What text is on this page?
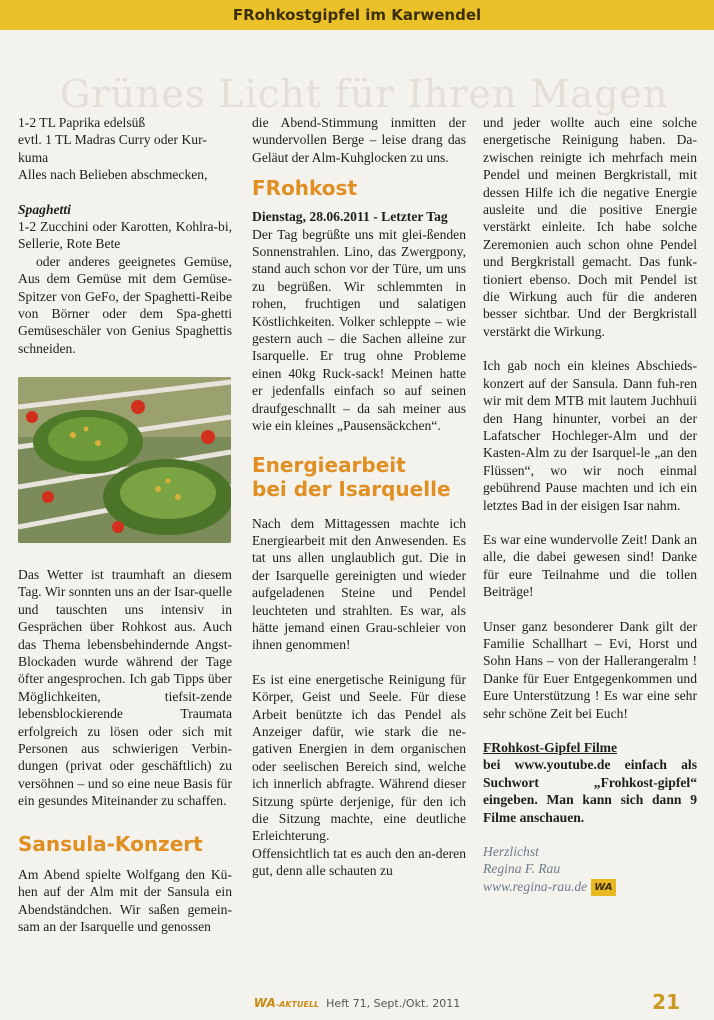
FRohkostgipfel im Karwendel
Grünes Licht für Ihren Magen

1-2 TL Paprika edelsüß

evtl. 1 TL Madras Curry oder Kur-

kuma

Alles nach Belieben abschmecken,

Spaghetti

1-2 Zucchini oder Karotten, Kohlra-bi, Sellerie, Rote Bete

oder anderes geeignetes Gemüse, Aus dem Gemüse mit dem Gemüse-Spitzer von GeFo, der Spaghetti-Reibe von Börner oder dem Spa-ghetti Gemüseschäler von Genius Spaghettis schneiden.

Das Wetter ist traumhaft an diesem Tag. Wir sonnten uns an der Isar-quelle und tauschten uns intensiv in Gesprächen über Rohkost aus. Auch das Thema lebensbehindernde Angst-Blockaden wurde während der Tage öfter angesprochen. Ich gab Tipps über Möglichkeiten, tiefsit-zende lebensblockierende Traumata erfolgreich zu lösen oder sich mit Personen aus schwierigen Verbin-dungen (privat oder geschäftlich) zu versöhnen – und so eine neue Basis für ein gesundes Miteinander zu schaffen.

Sansula-Konzert

Am Abend spielte Wolfgang den Kü-hen auf der Alm mit der Sansula ein Abendständchen. Wir saßen gemein-sam an der Isarquelle und genossen

die Abend-Stimmung inmitten der wundervollen Berge – leise drang das Geläut der Alm-Kuhglocken zu uns.

FRohkost

Dienstag, 28.06.2011 - Letzter Tag

Der Tag begrüßte uns mit glei-ßenden Sonnenstrahlen. Lino, das Zwergpony, stand auch schon vor der Türe, um uns zu begrüßen. Wir schlemmten in rohen, fruchtigen und salatigen Köstlichkeiten. Volker schleppte – wie gestern auch – die Sachen alleine zur Isarquelle. Er trug ohne Probleme einen 40kg Ruck-sack! Meinen hatte er jedenfalls einfach so auf seinen draufgeschnallt – da sah meiner aus wie ein kleines „Pausensäckchen“.

Energiearbeit

bei der Isarquelle

Nach dem Mittagessen machte ich Energiearbeit mit den Anwesenden. Es tat uns allen unglaublich gut. Die in der Isarquelle gereinigten und wieder aufgeladenen Steine und Pendel leuchteten und strahlten. Es war, als hätte jemand einen Grau-schleier von ihnen genommen!

Es ist eine energetische Reinigung für Körper, Geist und Seele. Für diese Arbeit benützte ich das Pendel als Anzeiger dafür, wie stark die ne-gativen Energien in dem organischen oder seelischen Bereich sind, welche ich innerlich abfragte. Während dieser Sitzung spürte derjenige, für den ich die Sitzung machte, eine deutliche Erleichterung.

Offensichtlich tat es auch den an-deren gut, denn alle schauten zu

und jeder wollte auch eine solche energetische Reinigung haben. Da-zwischen reinigte ich mehrfach mein Pendel und meinen Bergkristall, mit dessen Hilfe ich die negative Energie ausleite und die positive Energie verstärkt einleite. Ich habe solche Zeremonien auch schon ohne Pendel und Bergkristall gemacht. Das funk-tioniert ebenso. Doch mit Pendel ist die Wirkung auch für die anderen besser sichtbar. Und der Bergkristall verstärkt die Wirkung.

Ich gab noch ein kleines Abschieds-konzert auf der Sansula. Dann fuh-ren wir mit dem MTB mit lautem Juchhuii den Hang hinunter, vorbei an der Lafatscher Hochleger-Alm und der Kasten-Alm zu der Isarquel-le „an den Flüssen“, wo wir noch einmal gebührend Pause machten und ich ein letztes Bad in der eisigen Isar nahm.

Es war eine wundervolle Zeit! Dank an alle, die dabei gewesen sind! Danke für eure Teilnahme und die tollen Beiträge!

Unser ganz besonderer Dank gilt der Familie Schallhart – Evi, Horst und Sohn Hans – von der Hallerangeralm ! Danke für Euer Entgegenkommen und Eure Unterstützung ! Es war eine sehr sehr schöne Zeit bei Euch!

FRohkost-Gipfel Filme

bei www.youtube.de einfach als Suchwort „Frohkost-gipfel“ eingeben. Man kann sich dann 9 Filme anschauen.

Herzlichst

Regina F. Rau

www.regina-rau.de WA

WA-AKTUELL Heft 71, Sept./Okt. 2011	21
